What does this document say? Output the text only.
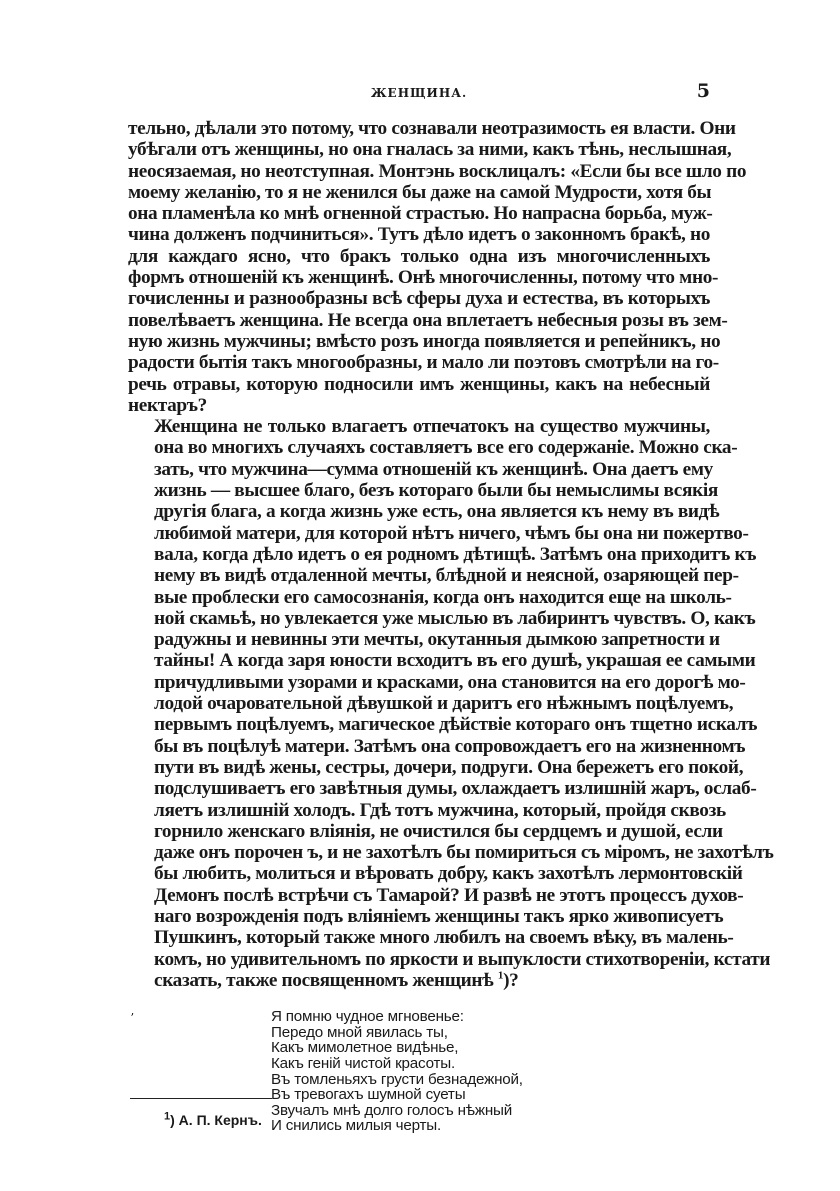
ЖЕНЩИНА.	5

тельно, дѣлали это потому, что сознавали неотразимость ея власти. Они
убѣгали отъ женщины, но она гналась за ними, какъ тѣнь, неслышная,
неосязаемая, но неотступная. Монтэнь восклицалъ: «Если бы все шло по
моему желанію, то я не женился бы даже на самой Мудрости, хотя бы
она пламенѣла ко мнѣ огненной страстью. Но напрасна борьба, муж-
чина долженъ подчиниться». Тутъ дѣло идетъ о законномъ бракѣ, но
для каждаго ясно, что бракъ только одна изъ многочисленныхъ
формъ отношеній къ женщинѣ. Онѣ многочисленны, потому что мно-
гочисленны и разнообразны всѣ сферы духа и естества, въ которыхъ
повелѣваетъ женщина. Не всегда она вплетаетъ небесныя розы въ зем-
ную жизнь мужчины; вмѣсто розъ иногда появляется и репейникъ, но
радости бытія такъ многообразны, и мало ли поэтовъ смотрѣли на го-
речь отравы, которую подносили имъ женщины, какъ на небесный
нектаръ?

Женщина не только влагаетъ отпечатокъ на существо мужчины,
она во многихъ случаяхъ составляетъ все его содержаніе. Можно ска-
зать, что мужчина—сумма отношеній къ женщинѣ. Она даетъ ему
жизнь — высшее благо, безъ котораго были бы немыслимы всякія
другія блага, а когда жизнь уже есть, она является къ нему въ видѣ
любимой матери, для которой нѣтъ ничего, чѣмъ бы она ни пожертво-
вала, когда дѣло идетъ о ея родномъ дѣтищѣ. Затѣмъ она приходитъ къ
нему въ видѣ отдаленной мечты, блѣдной и неясной, озаряющей пер-
вые проблески его самосознанія, когда онъ находится еще на школь-
ной скамьѣ, но увлекается уже мыслью въ лабиринтъ чувствъ. О, какъ
радужны и невинны эти мечты, окутанныя дымкою запретности и
тайны! А когда заря юности всходитъ въ его душѣ, украшая ее самыми
причудливыми узорами и красками, она становится на его дорогѣ мо-
лодой очаровательной дѣвушкой и даритъ его нѣжнымъ поцѣлуемъ,
первымъ поцѣлуемъ, магическое дѣйствіе котораго онъ тщетно искалъ
бы въ поцѣлуѣ матери. Затѣмъ она сопровождаетъ его на жизненномъ
пути въ видѣ жены, сестры, дочери, подруги. Она бережетъ его покой,
подслушиваетъ его завѣтныя думы, охлаждаетъ излишній жаръ, ослаб-
ляетъ излишній холодъ. Гдѣ тотъ мужчина, который, пройдя сквозь
горнило женскаго вліянія, не очистился бы сердцемъ и душой, если
даже онъ порочен ъ, и не захотѣлъ бы помириться съ міромъ, не захотѣлъ
бы любить, молиться и вѣровать добру, какъ захотѣлъ лермонтовскій
Демонъ послѣ встрѣчи съ Тамарой? И развѣ не этотъ процессъ духов-
наго возрожденія подъ вліяніемъ женщины такъ ярко живописуетъ
Пушкинъ, который также много любилъ на своемъ вѣку, въ малень-
комъ, но удивительномъ по яркости и выпуклости стихотвореніи, кстати
сказать, также посвященномъ женщинѣ $^1$)?

ʼ	Я помню чудное мгновенье:
Передо мной явилась ты,
Какъ мимолетное видѣнье,
Какъ геній чистой красоты.
Въ томленьяхъ грусти безнадежной,
Въ тревогахъ шумной суеты
Звучалъ мнѣ долго голосъ нѣжный
И снились милыя черты.
$^1$) А. П. Кернъ.
